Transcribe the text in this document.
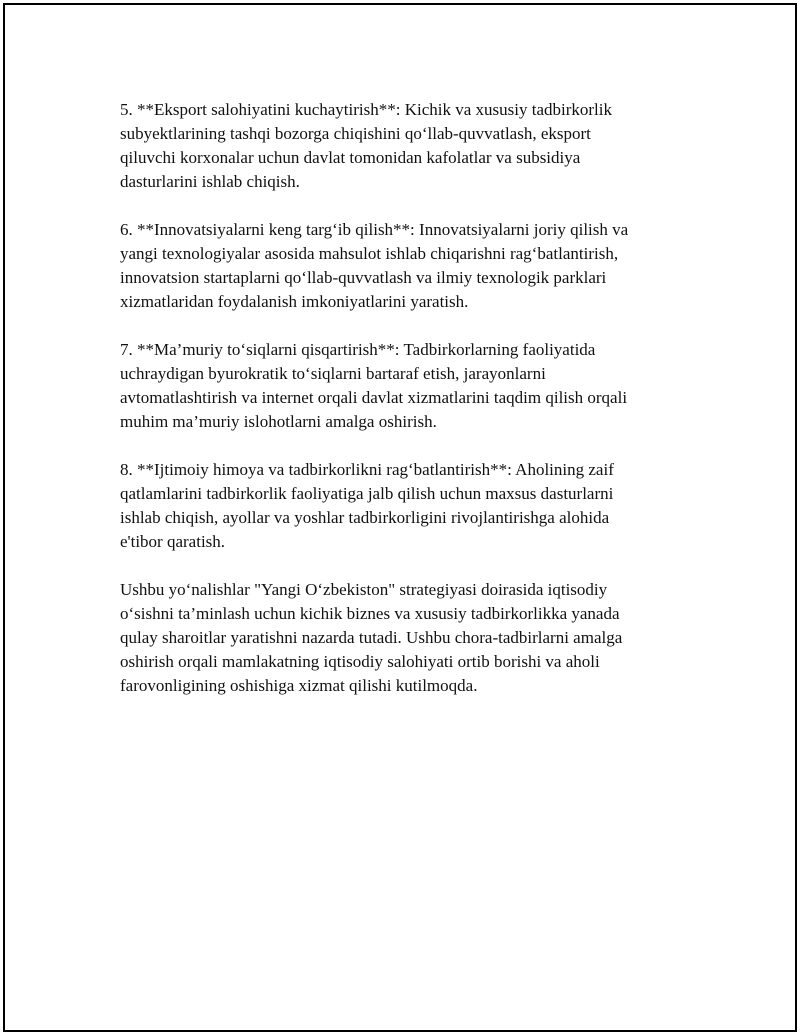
5. **Eksport salohiyatini kuchaytirish**: Kichik va xususiy tadbirkorlik
subyektlarining tashqi bozorga chiqishini qo‘llab-quvvatlash, eksport
qiluvchi korxonalar uchun davlat tomonidan kafolatlar va subsidiya
dasturlarini ishlab chiqish.

6. **Innovatsiyalarni keng targ‘ib qilish**: Innovatsiyalarni joriy qilish va
yangi texnologiyalar asosida mahsulot ishlab chiqarishni rag‘batlantirish,
innovatsion startaplarni qo‘llab-quvvatlash va ilmiy texnologik parklari
xizmatlaridan foydalanish imkoniyatlarini yaratish.

7. **Ma’muriy to‘siqlarni qisqartirish**: Tadbirkorlarning faoliyatida
uchraydigan byurokratik to‘siqlarni bartaraf etish, jarayonlarni
avtomatlashtirish va internet orqali davlat xizmatlarini taqdim qilish orqali
muhim ma’muriy islohotlarni amalga oshirish.

8. **Ijtimoiy himoya va tadbirkorlikni rag‘batlantirish**: Aholining zaif
qatlamlarini tadbirkorlik faoliyatiga jalb qilish uchun maxsus dasturlarni
ishlab chiqish, ayollar va yoshlar tadbirkorligini rivojlantirishga alohida
e'tibor qaratish.

Ushbu yo‘nalishlar "Yangi O‘zbekiston" strategiyasi doirasida iqtisodiy
o‘sishni ta’minlash uchun kichik biznes va xususiy tadbirkorlikka yanada
qulay sharoitlar yaratishni nazarda tutadi. Ushbu chora-tadbirlarni amalga
oshirish orqali mamlakatning iqtisodiy salohiyati ortib borishi va aholi
farovonligining oshishiga xizmat qilishi kutilmoqda.
